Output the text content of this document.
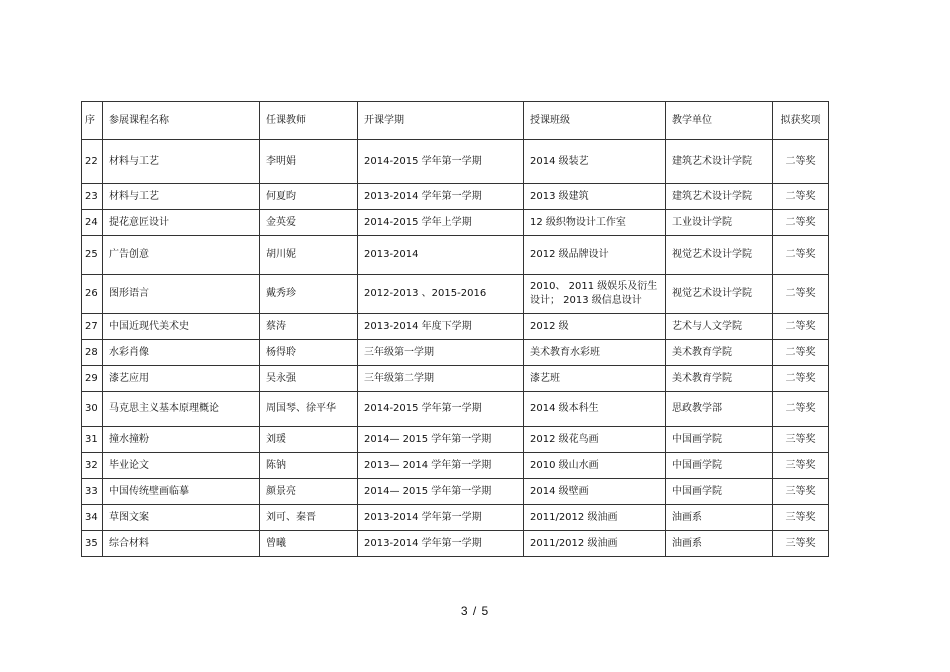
序	参展课程名称	任课教师	开课学期	授课班级	教学单位	拟获奖项
22	材料与工艺	李明娟	2014-2015 学年第一学期	2014 级装艺	建筑艺术设计学院	二等奖
23	材料与工艺	何夏昀	2013-2014 学年第一学期	2013 级建筑	建筑艺术设计学院	二等奖
24	提花意匠设计	金英爱	2014-2015 学年上学期	12 级织物设计工作室	工业设计学院	二等奖
25	广告创意	胡川妮	2013-2014	2012 级品牌设计	视觉艺术设计学院	二等奖
26	图形语言	戴秀珍	2012-2013 、2015-2016	2010、 2011 级娱乐及衍生设计； 2013 级信息设计	视觉艺术设计学院	二等奖
27	中国近现代美术史	蔡涛	2013-2014 年度下学期	2012 级	艺术与人文学院	二等奖
28	水彩肖像	杨得聆	三年级第一学期	美术教育水彩班	美术教育学院	二等奖
29	漆艺应用	吴永强	三年级第二学期	漆艺班	美术教育学院	二等奖
30	马克思主义基本原理概论	周国琴、徐平华	2014-2015 学年第一学期	2014 级本科生	思政教学部	二等奖
31	撞水撞粉	刘瑗	2014— 2015 学年第一学期	2012 级花鸟画	中国画学院	三等奖
32	毕业论文	陈钠	2013— 2014 学年第一学期	2010 级山水画	中国画学院	三等奖
33	中国传统壁画临摹	颜景亮	2014— 2015 学年第一学期	2014 级壁画	中国画学院	三等奖
34	草图文案	刘可、秦晋	2013-2014 学年第一学期	2011/2012 级油画	油画系	三等奖
35	综合材料	曾曦	2013-2014 学年第一学期	2011/2012 级油画	油画系	三等奖
3 / 5
